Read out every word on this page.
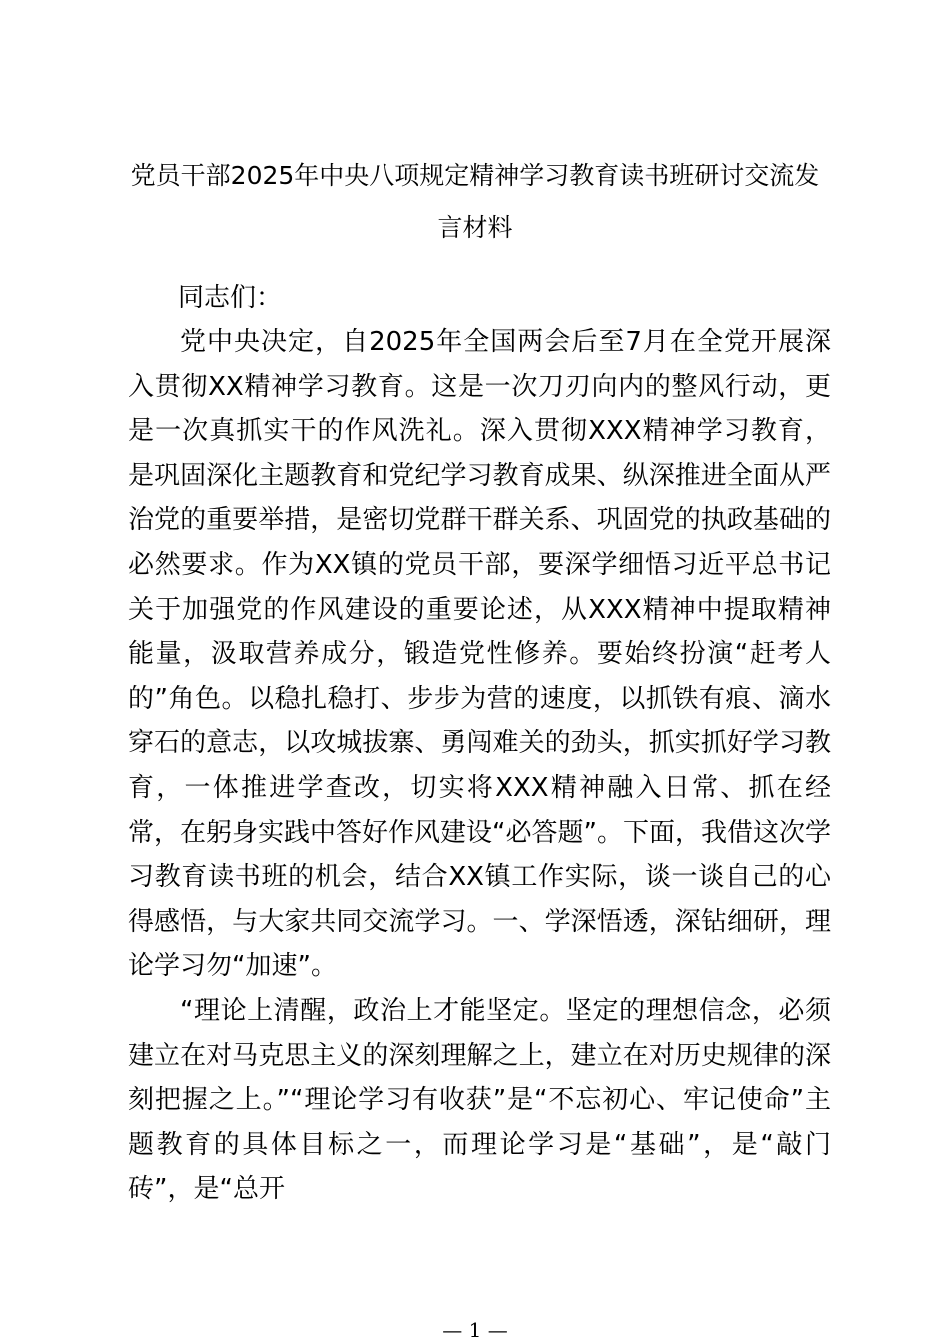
党员干部2025年中央八项规定精神学习教育读书班研讨交流发言材料
同志们：

党中央决定，自2025年全国两会后至7月在全党开展深入贯彻XX精神学习教育。这是一次刀刃向内的整风行动，更是一次真抓实干的作风洗礼。深入贯彻XXX精神学习教育，是巩固深化主题教育和党纪学习教育成果、纵深推进全面从严治党的重要举措，是密切党群干群关系、巩固党的执政基础的必然要求。作为XX镇的党员干部，要深学细悟习近平总书记关于加强党的作风建设的重要论述，从XXX精神中提取精神能量，汲取营养成分，锻造党性修养。要始终扮演“赶考人的”角色。以稳扎稳打、步步为营的速度，以抓铁有痕、滴水穿石的意志，以攻城拔寨、勇闯难关的劲头，抓实抓好学习教育，一体推进学查改，切实将XXX精神融入日常、抓在经常，在躬身实践中答好作风建设“必答题”。下面，我借这次学习教育读书班的机会，结合XX镇工作实际，谈一谈自己的心得感悟，与大家共同交流学习。一、学深悟透，深钻细研，理论学习勿“加速”。

“理论上清醒，政治上才能坚定。坚定的理想信念，必须建立在对马克思主义的深刻理解之上，建立在对历史规律的深刻把握之上。”“理论学习有收获”是“不忘初心、牢记使命”主题教育的具体目标之一，而理论学习是“基础”，是“敲门砖”，是“总开

— 1 —
